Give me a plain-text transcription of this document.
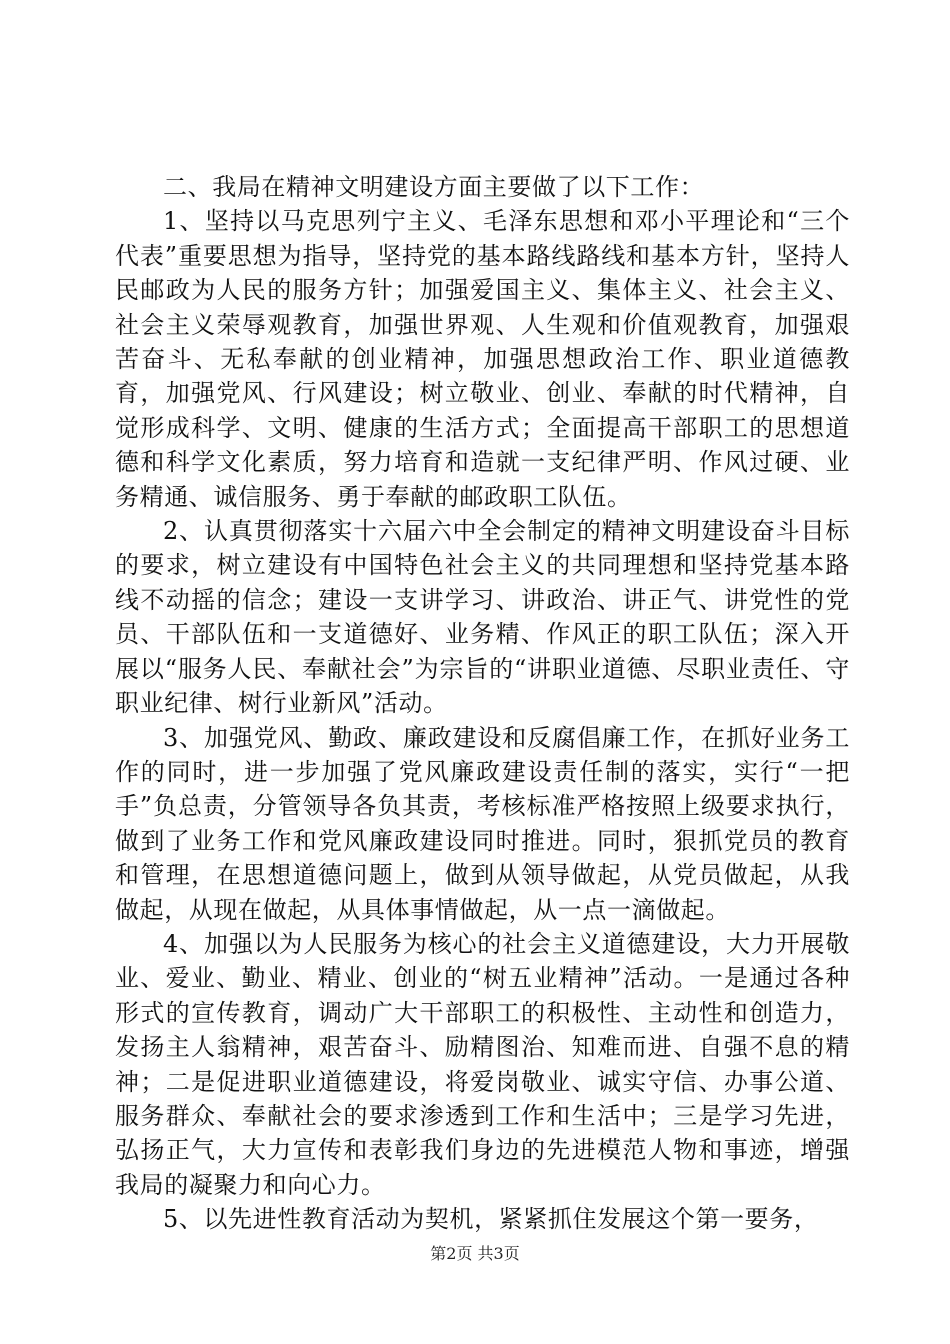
二、我局在精神文明建设方面主要做了以下工作：

1、坚持以马克思列宁主义、毛泽东思想和邓小平理论和“三个代表”重要思想为指导，坚持党的基本路线路线和基本方针，坚持人民邮政为人民的服务方针；加强爱国主义、集体主义、社会主义、社会主义荣辱观教育，加强世界观、人生观和价值观教育，加强艰苦奋斗、无私奉献的创业精神，加强思想政治工作、职业道德教育，加强党风、行风建设；树立敬业、创业、奉献的时代精神，自觉形成科学、文明、健康的生活方式；全面提高干部职工的思想道德和科学文化素质，努力培育和造就一支纪律严明、作风过硬、业务精通、诚信服务、勇于奉献的邮政职工队伍。

2、认真贯彻落实十六届六中全会制定的精神文明建设奋斗目标的要求，树立建设有中国特色社会主义的共同理想和坚持党基本路线不动摇的信念；建设一支讲学习、讲政治、讲正气、讲党性的党员、干部队伍和一支道德好、业务精、作风正的职工队伍；深入开展以“服务人民、奉献社会”为宗旨的“讲职业道德、尽职业责任、守职业纪律、树行业新风”活动。

3、加强党风、勤政、廉政建设和反腐倡廉工作，在抓好业务工作的同时，进一步加强了党风廉政建设责任制的落实，实行“一把手”负总责，分管领导各负其责，考核标准严格按照上级要求执行，做到了业务工作和党风廉政建设同时推进。同时，狠抓党员的教育和管理，在思想道德问题上，做到从领导做起，从党员做起，从我做起，从现在做起，从具体事情做起，从一点一滴做起。

4、加强以为人民服务为核心的社会主义道德建设，大力开展敬业、爱业、勤业、精业、创业的“树五业精神”活动。一是通过各种形式的宣传教育，调动广大干部职工的积极性、主动性和创造力，发扬主人翁精神，艰苦奋斗、励精图治、知难而进、自强不息的精神；二是促进职业道德建设，将爱岗敬业、诚实守信、办事公道、服务群众、奉献社会的要求渗透到工作和生活中；三是学习先进，弘扬正气，大力宣传和表彰我们身边的先进模范人物和事迹，增强我局的凝聚力和向心力。

5、以先进性教育活动为契机，紧紧抓住发展这个第一要务，

第2页 共3页
